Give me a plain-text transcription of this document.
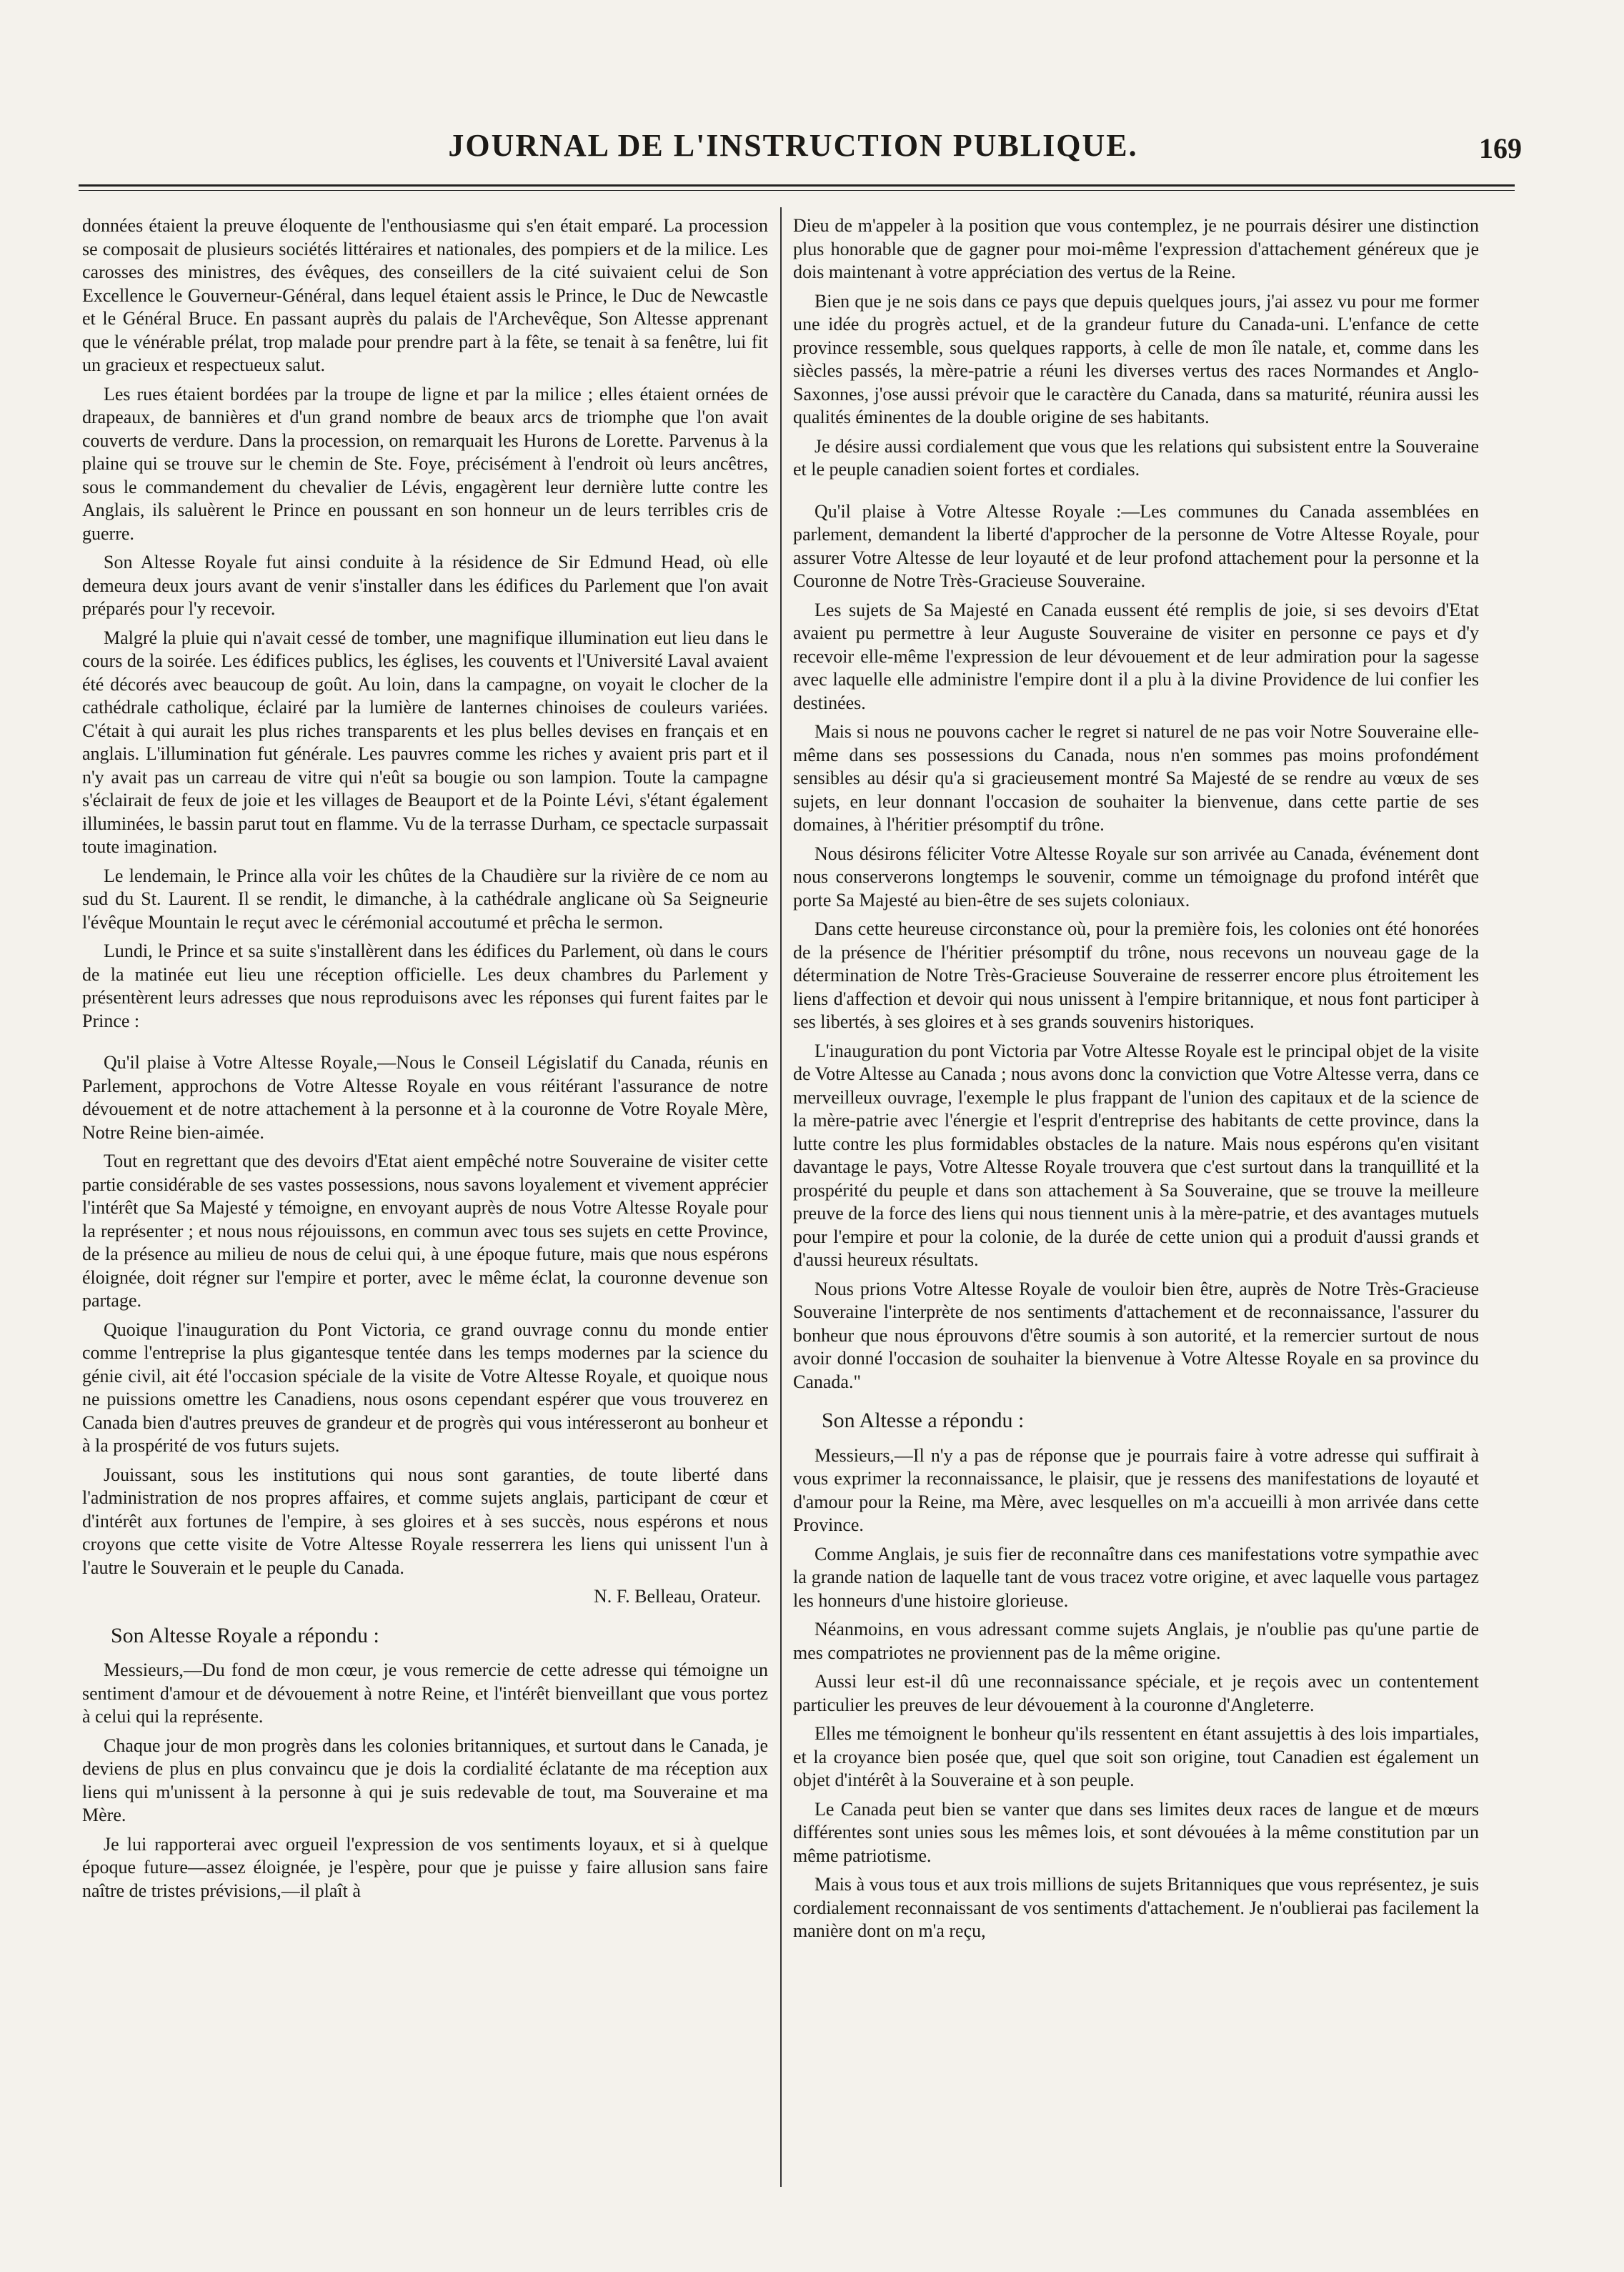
JOURNAL DE L'INSTRUCTION PUBLIQUE.	169

données étaient la preuve éloquente de l'enthousiasme qui s'en était emparé. La procession se composait de plusieurs sociétés littéraires et nationales, des pompiers et de la milice. Les carosses des ministres, des évêques, des conseillers de la cité suivaient celui de Son Excellence le Gouverneur-Général, dans lequel étaient assis le Prince, le Duc de Newcastle et le Général Bruce. En passant auprès du palais de l'Archevêque, Son Altesse apprenant que le vénérable prélat, trop malade pour prendre part à la fête, se tenait à sa fenêtre, lui fit un gracieux et respectueux salut.

Les rues étaient bordées par la troupe de ligne et par la milice ; elles étaient ornées de drapeaux, de bannières et d'un grand nombre de beaux arcs de triomphe que l'on avait couverts de verdure. Dans la procession, on remarquait les Hurons de Lorette. Parvenus à la plaine qui se trouve sur le chemin de Ste. Foye, précisément à l'endroit où leurs ancêtres, sous le commandement du chevalier de Lévis, engagèrent leur dernière lutte contre les Anglais, ils saluèrent le Prince en poussant en son honneur un de leurs terribles cris de guerre.

Son Altesse Royale fut ainsi conduite à la résidence de Sir Edmund Head, où elle demeura deux jours avant de venir s'installer dans les édifices du Parlement que l'on avait préparés pour l'y recevoir.

Malgré la pluie qui n'avait cessé de tomber, une magnifique illumination eut lieu dans le cours de la soirée. Les édifices publics, les églises, les couvents et l'Université Laval avaient été décorés avec beaucoup de goût. Au loin, dans la campagne, on voyait le clocher de la cathédrale catholique, éclairé par la lumière de lanternes chinoises de couleurs variées. C'était à qui aurait les plus riches transparents et les plus belles devises en français et en anglais. L'illumination fut générale. Les pauvres comme les riches y avaient pris part et il n'y avait pas un carreau de vitre qui n'eût sa bougie ou son lampion. Toute la campagne s'éclairait de feux de joie et les villages de Beauport et de la Pointe Lévi, s'étant également illuminées, le bassin parut tout en flamme. Vu de la terrasse Durham, ce spectacle surpassait toute imagination.

Le lendemain, le Prince alla voir les chûtes de la Chaudière sur la rivière de ce nom au sud du St. Laurent. Il se rendit, le dimanche, à la cathédrale anglicane où Sa Seigneurie l'évêque Mountain le reçut avec le cérémonial accoutumé et prêcha le sermon.

Lundi, le Prince et sa suite s'installèrent dans les édifices du Parlement, où dans le cours de la matinée eut lieu une réception officielle. Les deux chambres du Parlement y présentèrent leurs adresses que nous reproduisons avec les réponses qui furent faites par le Prince :

Qu'il plaise à Votre Altesse Royale,—Nous le Conseil Législatif du Canada, réunis en Parlement, approchons de Votre Altesse Royale en vous réitérant l'assurance de notre dévouement et de notre attachement à la personne et à la couronne de Votre Royale Mère, Notre Reine bien-aimée.

Tout en regrettant que des devoirs d'Etat aient empêché notre Souveraine de visiter cette partie considérable de ses vastes possessions, nous savons loyalement et vivement apprécier l'intérêt que Sa Majesté y témoigne, en envoyant auprès de nous Votre Altesse Royale pour la représenter ; et nous nous réjouissons, en commun avec tous ses sujets en cette Province, de la présence au milieu de nous de celui qui, à une époque future, mais que nous espérons éloignée, doit régner sur l'empire et porter, avec le même éclat, la couronne devenue son partage.

Quoique l'inauguration du Pont Victoria, ce grand ouvrage connu du monde entier comme l'entreprise la plus gigantesque tentée dans les temps modernes par la science du génie civil, ait été l'occasion spéciale de la visite de Votre Altesse Royale, et quoique nous ne puissions omettre les Canadiens, nous osons cependant espérer que vous trouverez en Canada bien d'autres preuves de grandeur et de progrès qui vous intéresseront au bonheur et à la prospérité de vos futurs sujets.

Jouissant, sous les institutions qui nous sont garanties, de toute liberté dans l'administration de nos propres affaires, et comme sujets anglais, participant de cœur et d'intérêt aux fortunes de l'empire, à ses gloires et à ses succès, nous espérons et nous croyons que cette visite de Votre Altesse Royale resserrera les liens qui unissent l'un à l'autre le Souverain et le peuple du Canada.

N. F. Belleau, Orateur.
Son Altesse Royale a répondu :

Messieurs,—Du fond de mon cœur, je vous remercie de cette adresse qui témoigne un sentiment d'amour et de dévouement à notre Reine, et l'intérêt bienveillant que vous portez à celui qui la représente.

Chaque jour de mon progrès dans les colonies britanniques, et surtout dans le Canada, je deviens de plus en plus convaincu que je dois la cordialité éclatante de ma réception aux liens qui m'unissent à la personne à qui je suis redevable de tout, ma Souveraine et ma Mère.

Je lui rapporterai avec orgueil l'expression de vos sentiments loyaux, et si à quelque époque future—assez éloignée, je l'espère, pour que je puisse y faire allusion sans faire naître de tristes prévisions,—il plaît à

Dieu de m'appeler à la position que vous contemplez, je ne pourrais désirer une distinction plus honorable que de gagner pour moi-même l'expression d'attachement généreux que je dois maintenant à votre appréciation des vertus de la Reine.

Bien que je ne sois dans ce pays que depuis quelques jours, j'ai assez vu pour me former une idée du progrès actuel, et de la grandeur future du Canada-uni. L'enfance de cette province ressemble, sous quelques rapports, à celle de mon île natale, et, comme dans les siècles passés, la mère-patrie a réuni les diverses vertus des races Normandes et Anglo-Saxonnes, j'ose aussi prévoir que le caractère du Canada, dans sa maturité, réunira aussi les qualités éminentes de la double origine de ses habitants.

Je désire aussi cordialement que vous que les relations qui subsistent entre la Souveraine et le peuple canadien soient fortes et cordiales.

Qu'il plaise à Votre Altesse Royale :—Les communes du Canada assemblées en parlement, demandent la liberté d'approcher de la personne de Votre Altesse Royale, pour assurer Votre Altesse de leur loyauté et de leur profond attachement pour la personne et la Couronne de Notre Très-Gracieuse Souveraine.

Les sujets de Sa Majesté en Canada eussent été remplis de joie, si ses devoirs d'Etat avaient pu permettre à leur Auguste Souveraine de visiter en personne ce pays et d'y recevoir elle-même l'expression de leur dévouement et de leur admiration pour la sagesse avec laquelle elle administre l'empire dont il a plu à la divine Providence de lui confier les destinées.

Mais si nous ne pouvons cacher le regret si naturel de ne pas voir Notre Souveraine elle-même dans ses possessions du Canada, nous n'en sommes pas moins profondément sensibles au désir qu'a si gracieusement montré Sa Majesté de se rendre au vœux de ses sujets, en leur donnant l'occasion de souhaiter la bienvenue, dans cette partie de ses domaines, à l'héritier présomptif du trône.

Nous désirons féliciter Votre Altesse Royale sur son arrivée au Canada, événement dont nous conserverons longtemps le souvenir, comme un témoignage du profond intérêt que porte Sa Majesté au bien-être de ses sujets coloniaux.

Dans cette heureuse circonstance où, pour la première fois, les colonies ont été honorées de la présence de l'héritier présomptif du trône, nous recevons un nouveau gage de la détermination de Notre Très-Gracieuse Souveraine de resserrer encore plus étroitement les liens d'affection et devoir qui nous unissent à l'empire britannique, et nous font participer à ses libertés, à ses gloires et à ses grands souvenirs historiques.

L'inauguration du pont Victoria par Votre Altesse Royale est le principal objet de la visite de Votre Altesse au Canada ; nous avons donc la conviction que Votre Altesse verra, dans ce merveilleux ouvrage, l'exemple le plus frappant de l'union des capitaux et de la science de la mère-patrie avec l'énergie et l'esprit d'entreprise des habitants de cette province, dans la lutte contre les plus formidables obstacles de la nature. Mais nous espérons qu'en visitant davantage le pays, Votre Altesse Royale trouvera que c'est surtout dans la tranquillité et la prospérité du peuple et dans son attachement à Sa Souveraine, que se trouve la meilleure preuve de la force des liens qui nous tiennent unis à la mère-patrie, et des avantages mutuels pour l'empire et pour la colonie, de la durée de cette union qui a produit d'aussi grands et d'aussi heureux résultats.

Nous prions Votre Altesse Royale de vouloir bien être, auprès de Notre Très-Gracieuse Souveraine l'interprète de nos sentiments d'attachement et de reconnaissance, l'assurer du bonheur que nous éprouvons d'être soumis à son autorité, et la remercier surtout de nous avoir donné l'occasion de souhaiter la bienvenue à Votre Altesse Royale en sa province du Canada."

Son Altesse a répondu :

Messieurs,—Il n'y a pas de réponse que je pourrais faire à votre adresse qui suffirait à vous exprimer la reconnaissance, le plaisir, que je ressens des manifestations de loyauté et d'amour pour la Reine, ma Mère, avec lesquelles on m'a accueilli à mon arrivée dans cette Province.

Comme Anglais, je suis fier de reconnaître dans ces manifestations votre sympathie avec la grande nation de laquelle tant de vous tracez votre origine, et avec laquelle vous partagez les honneurs d'une histoire glorieuse.

Néanmoins, en vous adressant comme sujets Anglais, je n'oublie pas qu'une partie de mes compatriotes ne proviennent pas de la même origine.

Aussi leur est-il dû une reconnaissance spéciale, et je reçois avec un contentement particulier les preuves de leur dévouement à la couronne d'Angleterre.

Elles me témoignent le bonheur qu'ils ressentent en étant assujettis à des lois impartiales, et la croyance bien posée que, quel que soit son origine, tout Canadien est également un objet d'intérêt à la Souveraine et à son peuple.

Le Canada peut bien se vanter que dans ses limites deux races de langue et de mœurs différentes sont unies sous les mêmes lois, et sont dévouées à la même constitution par un même patriotisme.

Mais à vous tous et aux trois millions de sujets Britanniques que vous représentez, je suis cordialement reconnaissant de vos sentiments d'attachement. Je n'oublierai pas facilement la manière dont on m'a reçu,
